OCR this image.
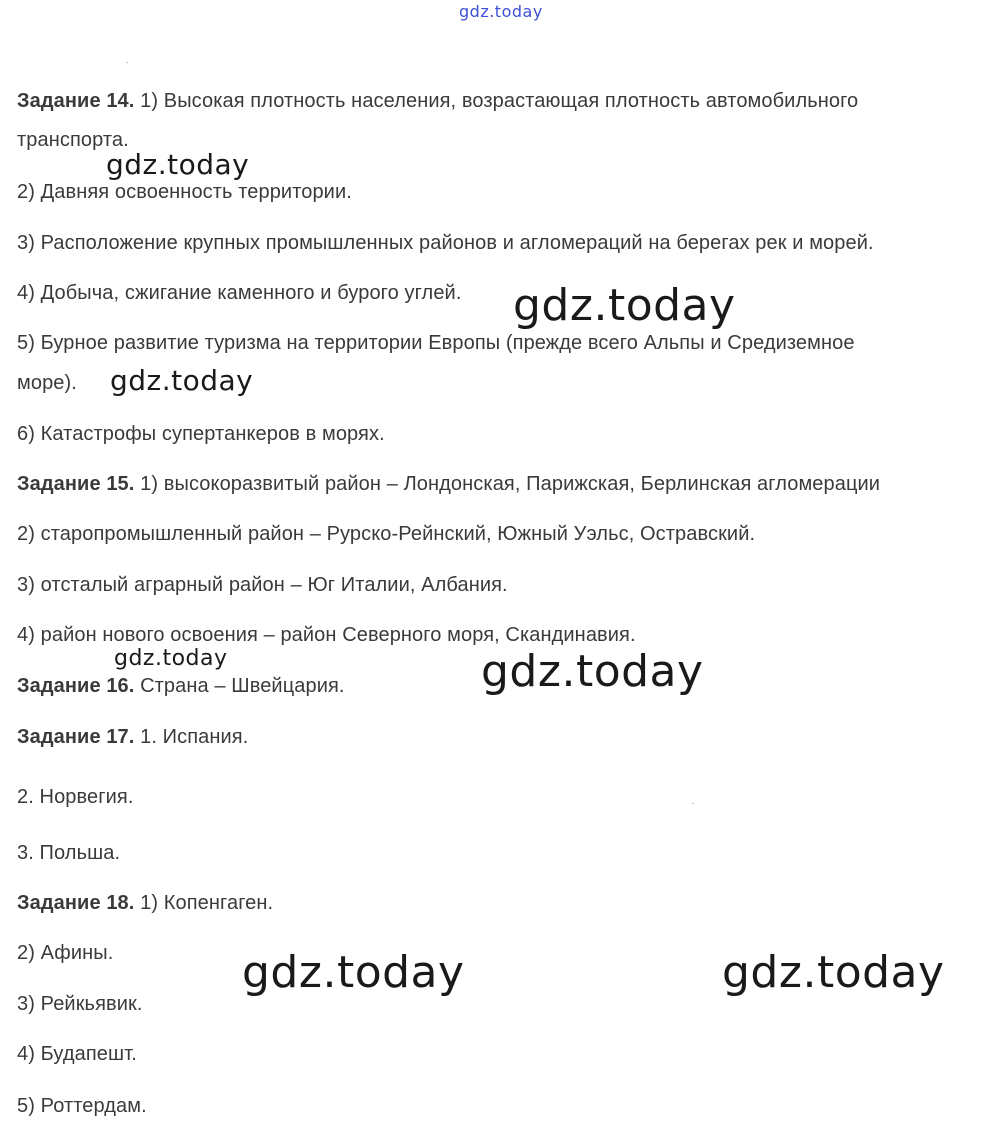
gdz.today
Задание 14. 1) Высокая плотность населения, возрастающая плотность автомобильного
транспорта.
2) Давняя освоенность территории.
3) Расположение крупных промышленных районов и агломераций на берегах рек и морей.
4) Добыча, сжигание каменного и бурого углей.
5) Бурное развитие туризма на территории Европы (прежде всего Альпы и Средиземное
море).
6) Катастрофы супертанкеров в морях.
Задание 15. 1) высокоразвитый район – Лондонская, Парижская, Берлинская агломерации
2) старопромышленный район – Рурско-Рейнский, Южный Уэльс, Остравский.
3) отсталый аграрный район – Юг Италии, Албания.
4) район нового освоения – район Северного моря, Скандинавия.
Задание 16. Страна – Швейцария.
Задание 17. 1. Испания.
2. Норвегия.
3. Польша.
Задание 18. 1) Копенгаген.
2) Афины.
3) Рейкьявик.
4) Будапешт.
5) Роттердам.
gdz.today
gdz.today
gdz.today
gdz.today	gdz.today
gdz.today	gdz.today
